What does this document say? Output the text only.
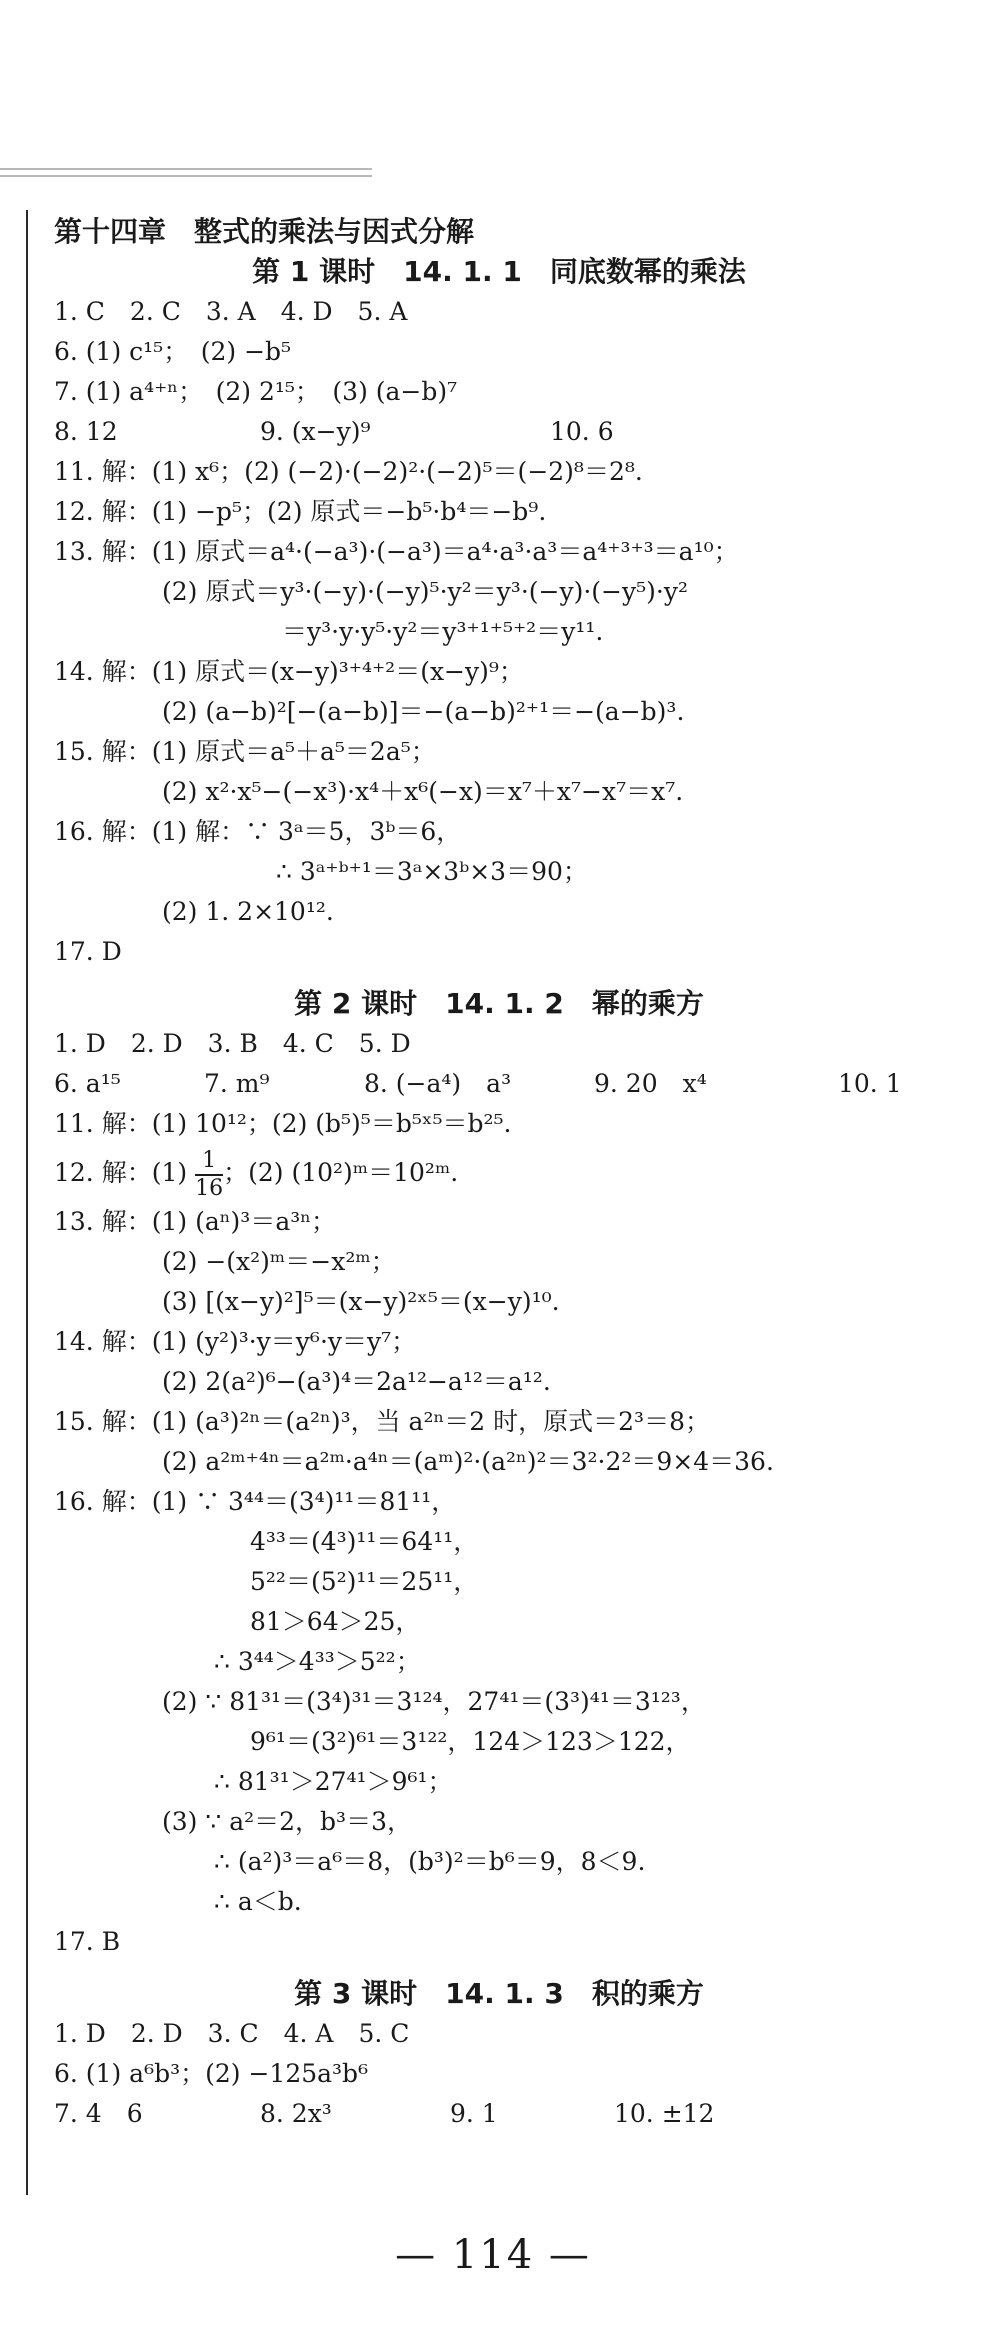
第十四章　整式的乘法与因式分解
第 1 课时　14. 1. 1　同底数幂的乘法
1. C　2. C　3. A　4. D　5. A
6. (1) c¹⁵；　(2) −b⁵
7. (1) a⁴⁺ⁿ；　(2) 2¹⁵；　(3) (a−b)⁷
8. 12	9. (x−y)⁹	10. 6
11. 解：(1) x⁶；(2) (−2)·(−2)²·(−2)⁵＝(−2)⁸＝2⁸.
12. 解：(1) −p⁵；(2) 原式＝−b⁵·b⁴＝−b⁹.
13. 解：(1) 原式＝a⁴·(−a³)·(−a³)＝a⁴·a³·a³＝a⁴⁺³⁺³＝a¹⁰；
(2) 原式＝y³·(−y)·(−y)⁵·y²＝y³·(−y)·(−y⁵)·y²
＝y³·y·y⁵·y²＝y³⁺¹⁺⁵⁺²＝y¹¹.
14. 解：(1) 原式＝(x−y)³⁺⁴⁺²＝(x−y)⁹；
(2) (a−b)²[−(a−b)]＝−(a−b)²⁺¹＝−(a−b)³.
15. 解：(1) 原式＝a⁵＋a⁵＝2a⁵；
(2) x²·x⁵−(−x³)·x⁴＋x⁶(−x)＝x⁷＋x⁷−x⁷＝x⁷.
16. 解：(1) 解：∵ 3ᵃ＝5，3ᵇ＝6，
∴ 3ᵃ⁺ᵇ⁺¹＝3ᵃ×3ᵇ×3＝90；
(2) 1. 2×10¹².
17. D
第 2 课时　14. 1. 2　幂的乘方
1. D　2. D　3. B　4. C　5. D
6. a¹⁵	7. m⁹	8. (−a⁴)　a³	9. 20　x⁴	10. 1
11. 解：(1) 10¹²；(2) (b⁵)⁵＝b⁵ˣ⁵＝b²⁵.
12. 解：$(1) \frac{1}{16}$ ；(2) (10²)ᵐ＝10²ᵐ.
13. 解：(1) (aⁿ)³＝a³ⁿ；
(2) −(x²)ᵐ＝−x²ᵐ；
(3) [(x−y)²]⁵＝(x−y)²ˣ⁵＝(x−y)¹⁰.
14. 解：(1) (y²)³·y＝y⁶·y＝y⁷；
(2) 2(a²)⁶−(a³)⁴＝2a¹²−a¹²＝a¹².
15. 解：(1) (a³)²ⁿ＝(a²ⁿ)³，当 a²ⁿ＝2 时，原式＝2³＝8；
(2) a²ᵐ⁺⁴ⁿ＝a²ᵐ·a⁴ⁿ＝(aᵐ)²·(a²ⁿ)²＝3²·2²＝9×4＝36.
16. 解：(1) ∵ 3⁴⁴＝(3⁴)¹¹＝81¹¹，
4³³＝(4³)¹¹＝64¹¹，
5²²＝(5²)¹¹＝25¹¹，
81＞64＞25，
∴ 3⁴⁴＞4³³＞5²²；
(2) ∵ 81³¹＝(3⁴)³¹＝3¹²⁴，27⁴¹＝(3³)⁴¹＝3¹²³，
9⁶¹＝(3²)⁶¹＝3¹²²，124＞123＞122，
∴ 81³¹＞27⁴¹＞9⁶¹；
(3) ∵ a²＝2，b³＝3，
∴ (a²)³＝a⁶＝8，(b³)²＝b⁶＝9，8＜9.
∴ a＜b.
17. B
第 3 课时　14. 1. 3　积的乘方
1. D　2. D　3. C　4. A　5. C
6. (1) a⁶b³；(2) −125a³b⁶
7. 4　6	8. 2x³	9. 1	10. ±12
— 114 —
